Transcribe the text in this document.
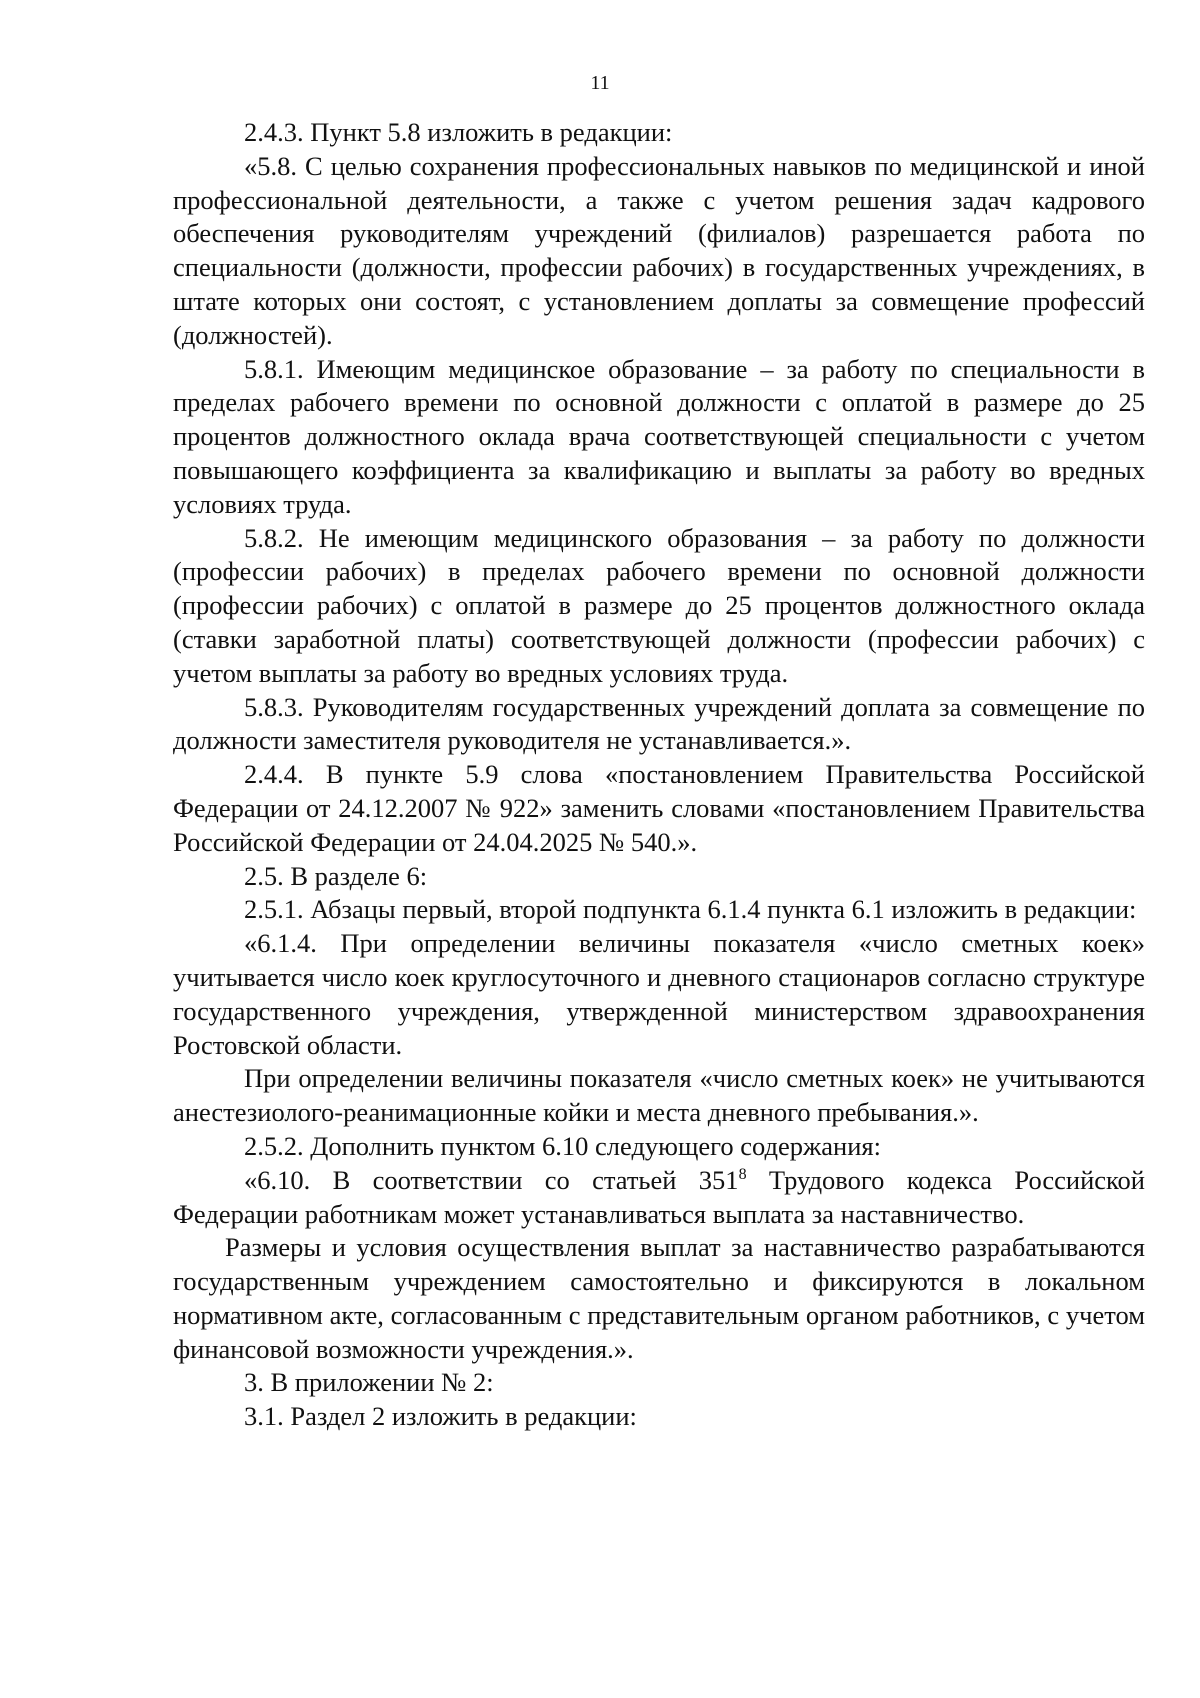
11

2.4.3. Пункт 5.8 изложить в редакции:

«5.8. С целью сохранения профессиональных навыков по медицинской и иной профессиональной деятельности, а также с учетом решения задач кадрового обеспечения руководителям учреждений (филиалов) разрешается работа по специальности (должности, профессии рабочих) в государственных учреждениях, в штате которых они состоят, с установлением доплаты за совмещение профессий (должностей).

5.8.1. Имеющим медицинское образование – за работу по специальности в пределах рабочего времени по основной должности с оплатой в размере до 25 процентов должностного оклада врача соответствующей специальности с учетом повышающего коэффициента за квалификацию и выплаты за работу во вредных условиях труда.

5.8.2. Не имеющим медицинского образования – за работу по должности (профессии рабочих) в пределах рабочего времени по основной должности (профессии рабочих) с оплатой в размере до 25 процентов должностного оклада (ставки заработной платы) соответствующей должности (профессии рабочих) с учетом выплаты за работу во вредных условиях труда.

5.8.3. Руководителям государственных учреждений доплата за совмещение по должности заместителя руководителя не устанавливается.».

2.4.4. В пункте 5.9 слова «постановлением Правительства Российской Федерации от 24.12.2007 № 922» заменить словами «постановлением Правительства Российской Федерации от 24.04.2025 № 540.».

2.5. В разделе 6:

2.5.1. Абзацы первый, второй подпункта 6.1.4 пункта 6.1 изложить в редакции:

«6.1.4. При определении величины показателя «число сметных коек» учитывается число коек круглосуточного и дневного стационаров согласно структуре государственного учреждения, утвержденной министерством здравоохранения Ростовской области.

При определении величины показателя «число сметных коек» не учитываются анестезиолого-реанимационные койки и места дневного пребывания.».

2.5.2. Дополнить пунктом 6.10 следующего содержания:

«6.10. В соответствии со статьей $351^8$ Трудового кодекса Российской Федерации работникам может устанавливаться выплата за наставничество.

Размеры и условия осуществления выплат за наставничество разрабатываются государственным учреждением самостоятельно и фиксируются в локальном нормативном акте, согласованным с представительным органом работников, с учетом финансовой возможности учреждения.».

3. В приложении № 2:

3.1. Раздел 2 изложить в редакции:
